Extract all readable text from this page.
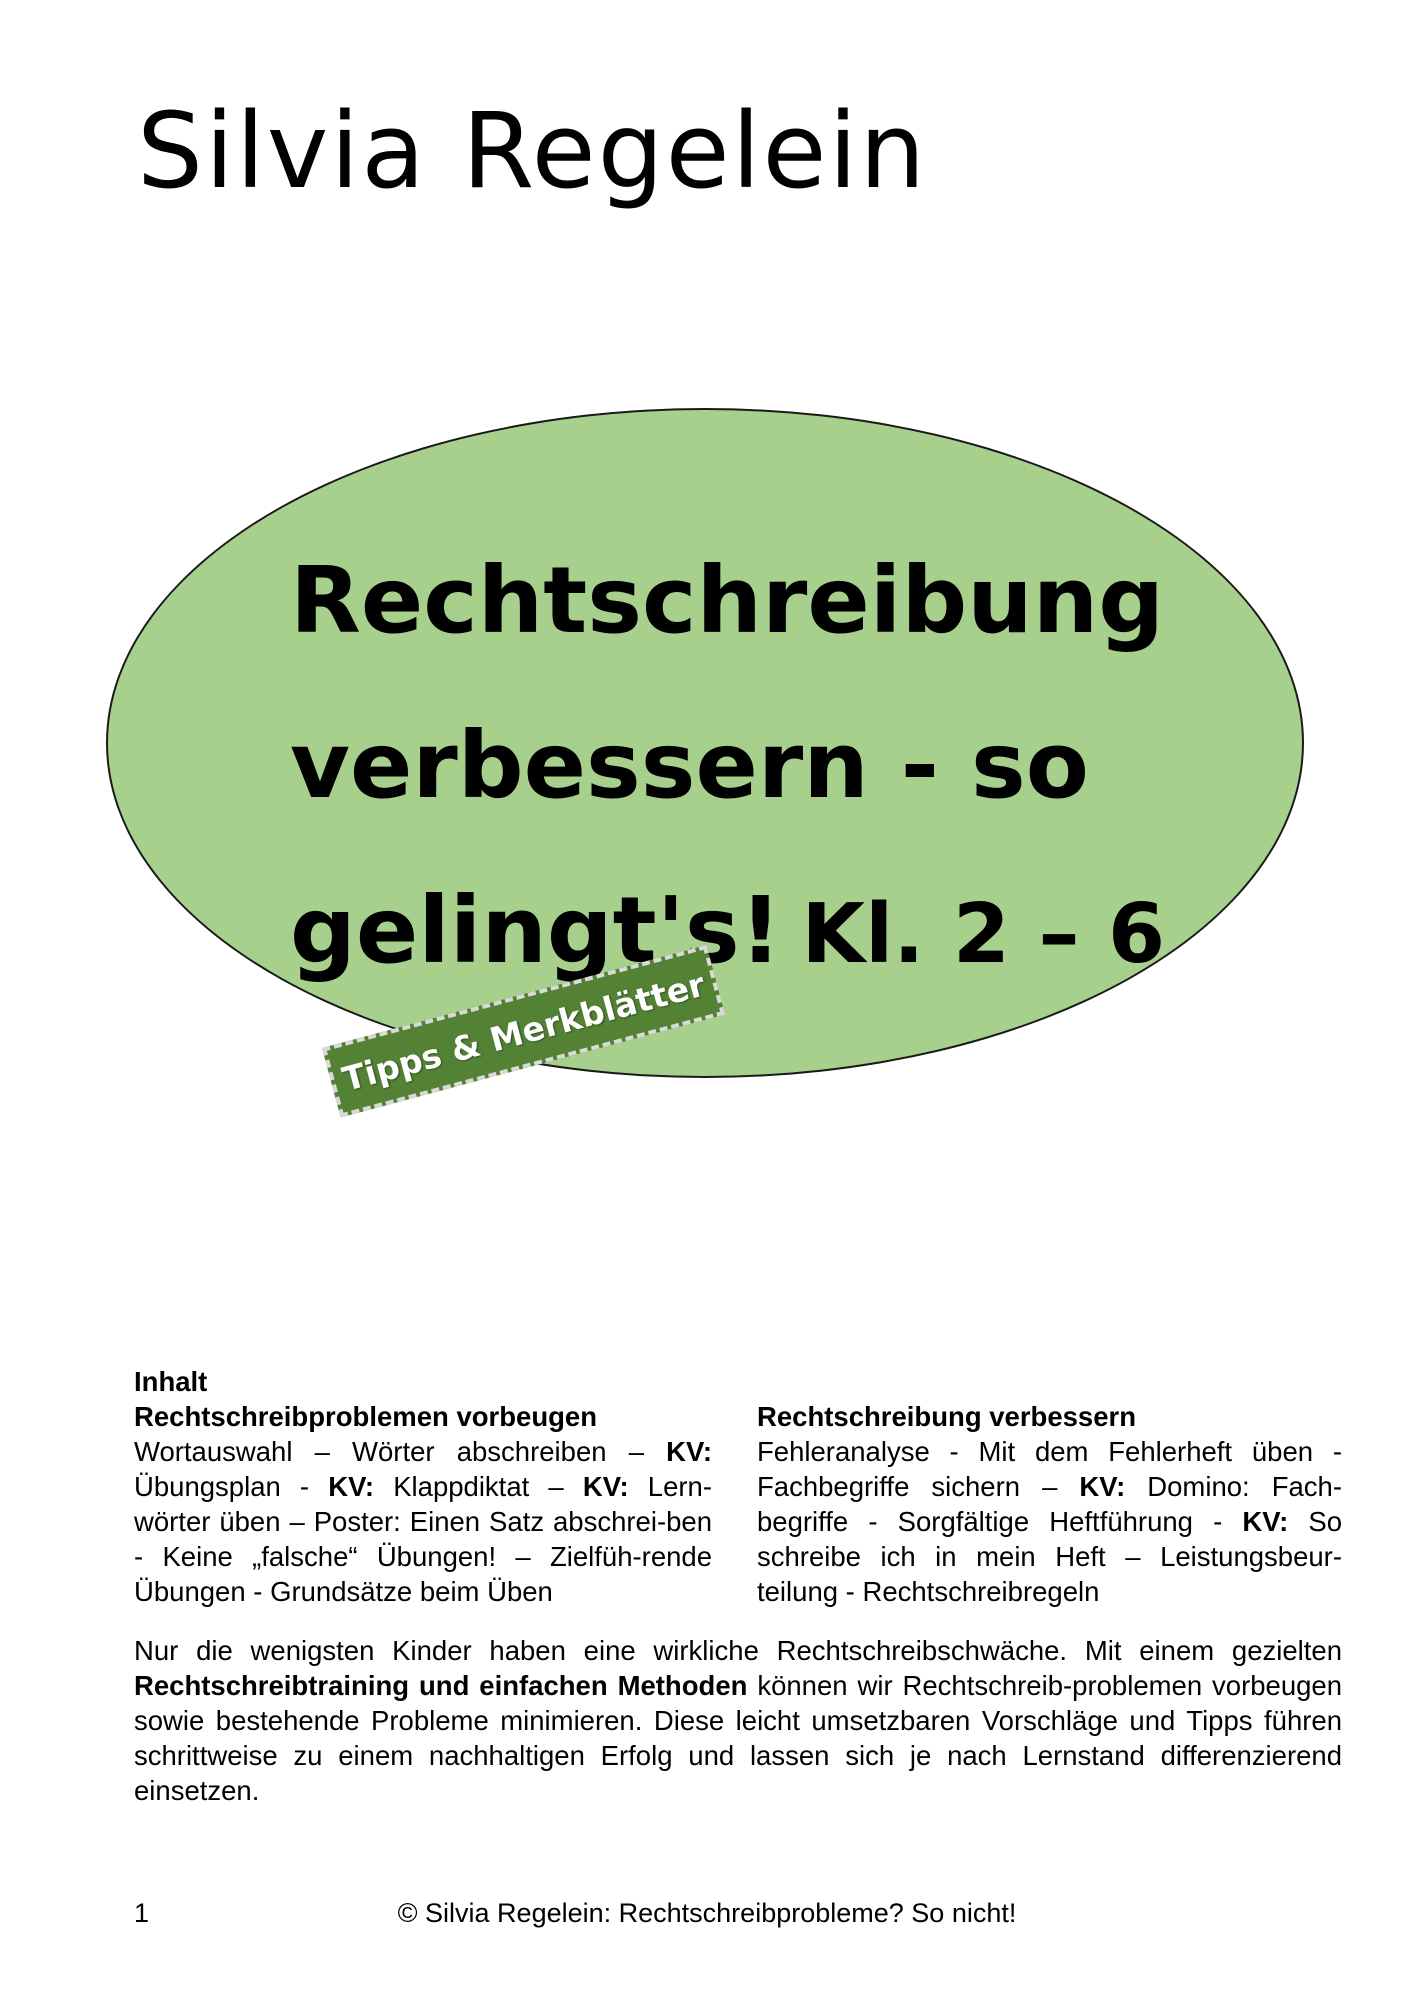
Silvia Regelein
Rechtschreibung
verbessern - so
gelingt's! Kl. 2 – 6
Tipps & Merkblätter
Inhalt
Rechtschreibproblemen vorbeugen

Wortauswahl – Wörter abschreiben – KV: Übungsplan - KV: Klappdiktat – KV: Lern-wörter üben – Poster: Einen Satz abschrei-ben - Keine „falsche“ Übungen! – Zielfüh-rende Übungen - Grundsätze beim Üben

Rechtschreibung verbessern

Fehleranalyse - Mit dem Fehlerheft üben - Fachbegriffe sichern – KV: Domino: Fach-begriffe - Sorgfältige Heftführung - KV: So schreibe ich in mein Heft – Leistungsbeur-teilung - Rechtschreibregeln

Nur die wenigsten Kinder haben eine wirkliche Rechtschreibschwäche. Mit einem gezielten Rechtschreibtraining und einfachen Methoden können wir Rechtschreib-problemen vorbeugen sowie bestehende Probleme minimieren. Diese leicht umsetzbaren Vorschläge und Tipps führen schrittweise zu einem nachhaltigen Erfolg und lassen sich je nach Lernstand differenzierend einsetzen.

1	© Silvia Regelein: Rechtschreibprobleme? So nicht!
